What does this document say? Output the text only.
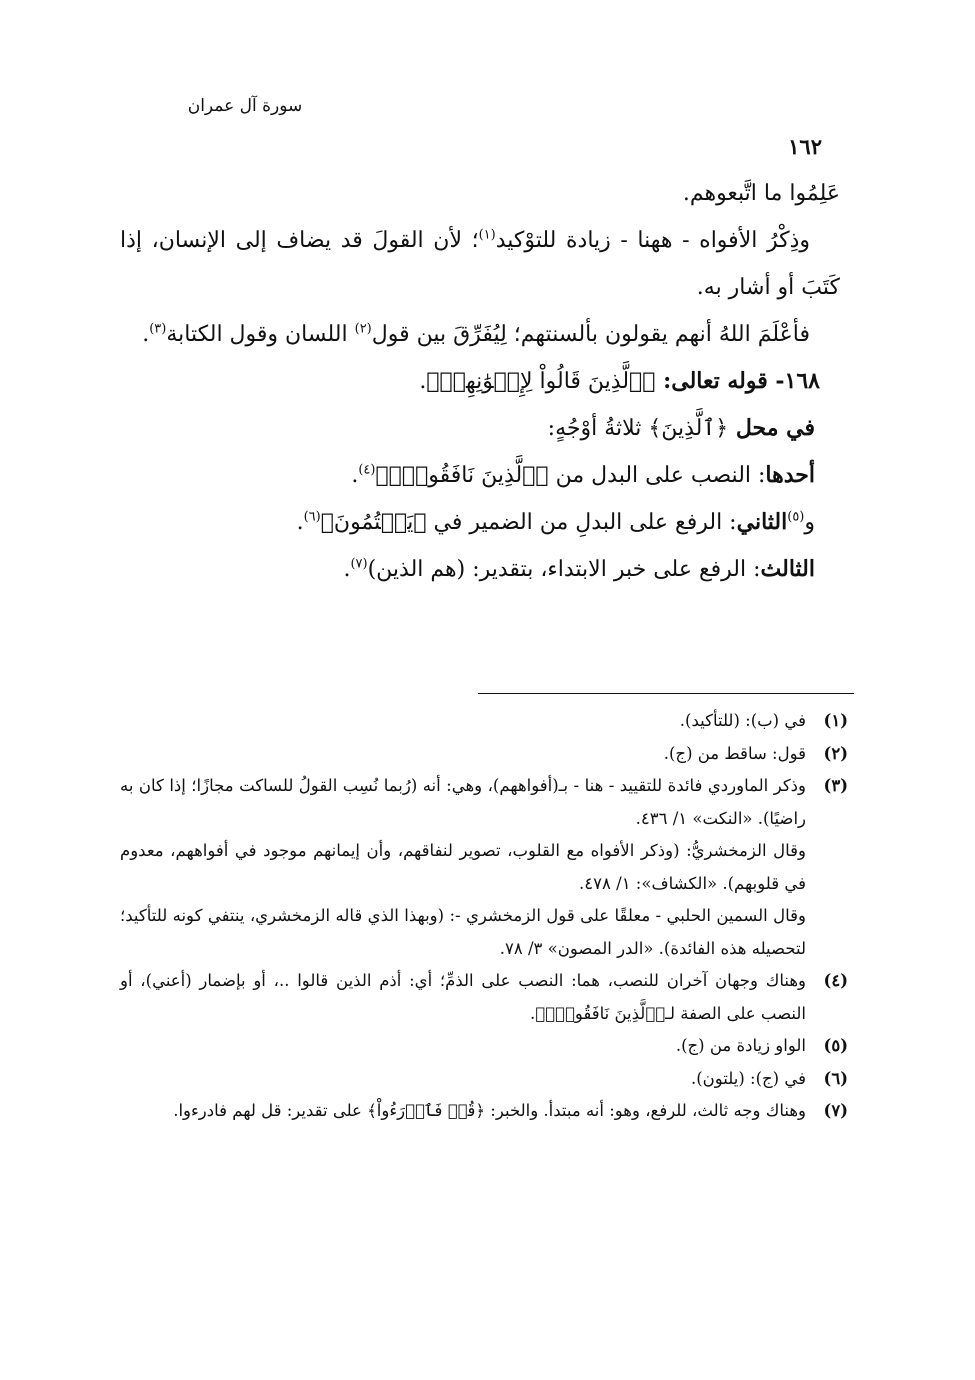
سورة آل عمران
١٦٢

عَلِمُوا ما اتَّبعوهم.

وذِكْرُ الأفواه - ههنا - زيادة للتوْكيد$^{(١)}$؛ لأن القولَ قد يضاف إلى الإنسان، إذا كَتَبَ أو أشار به.

فأعْلَمَ اللهُ أنهم يقولون بألسنتهم؛ لِيُفَرِّقَ بين قول$^{(٢)}$ اللسان وقول الكتابة$^{(٣)}$.

١٦٨- قوله تعالى: ﴿ٱلَّذِينَ قَالُواْ لِإِخۡوَٰنِهِمۡ﴾.

في محل ﴿ٱلَّذِينَ﴾ ثلاثةُ أوْجُهٍ:

أحدها: النصب على البدل من ﴿ٱلَّذِينَ نَافَقُواْۚ﴾$^{(٤)}$.

و$^{(٥)}$الثاني: الرفع على البدلِ من الضمير في ﴿يَكۡتُمُونَ﴾$^{(٦)}$.

الثالث: الرفع على خبر الابتداء، بتقدير: (هم الذين)$^{(٧)}$.

(١)

في (ب): (للتأكيد).

(٢)

قول: ساقط من (ج).

(٣)

وذكر الماوردي فائدة للتقييد - هنا - بـ(أفواههم)، وهي: أنه (رُبما نُسِب القولُ للساكت مجازًا؛ إذا كان به راضيًا). «النكت» ١/ ٤٣٦.

وقال الزمخشريُّ: (وذكر الأفواه مع القلوب، تصوير لنفاقهم، وأن إيمانهم موجود في أفواههم، معدوم في قلوبهم). «الكشاف»: ١/ ٤٧٨.

وقال السمين الحلبي - معلقًا على قول الزمخشري -: (وبهذا الذي قاله الزمخشري، ينتفي كونه للتأكيد؛ لتحصيله هذه الفائدة). «الدر المصون» ٣/ ٧٨.

(٤)

وهناك وجهان آخران للنصب، هما: النصب على الذمِّ؛ أي: أذم الذين قالوا ..، أو بإضمار (أعني)، أو النصب على الصفة لـ﴿ٱلَّذِينَ نَافَقُواْۚ﴾.

(٥)

الواو زيادة من (ج).

(٦)

في (ج): (يلتون).

(٧)

وهناك وجه ثالث، للرفع، وهو: أنه مبتدأ. والخبر: ﴿قُلۡ فَٱدۡرَءُواْ﴾ على تقدير: قل لهم فادرءوا.
